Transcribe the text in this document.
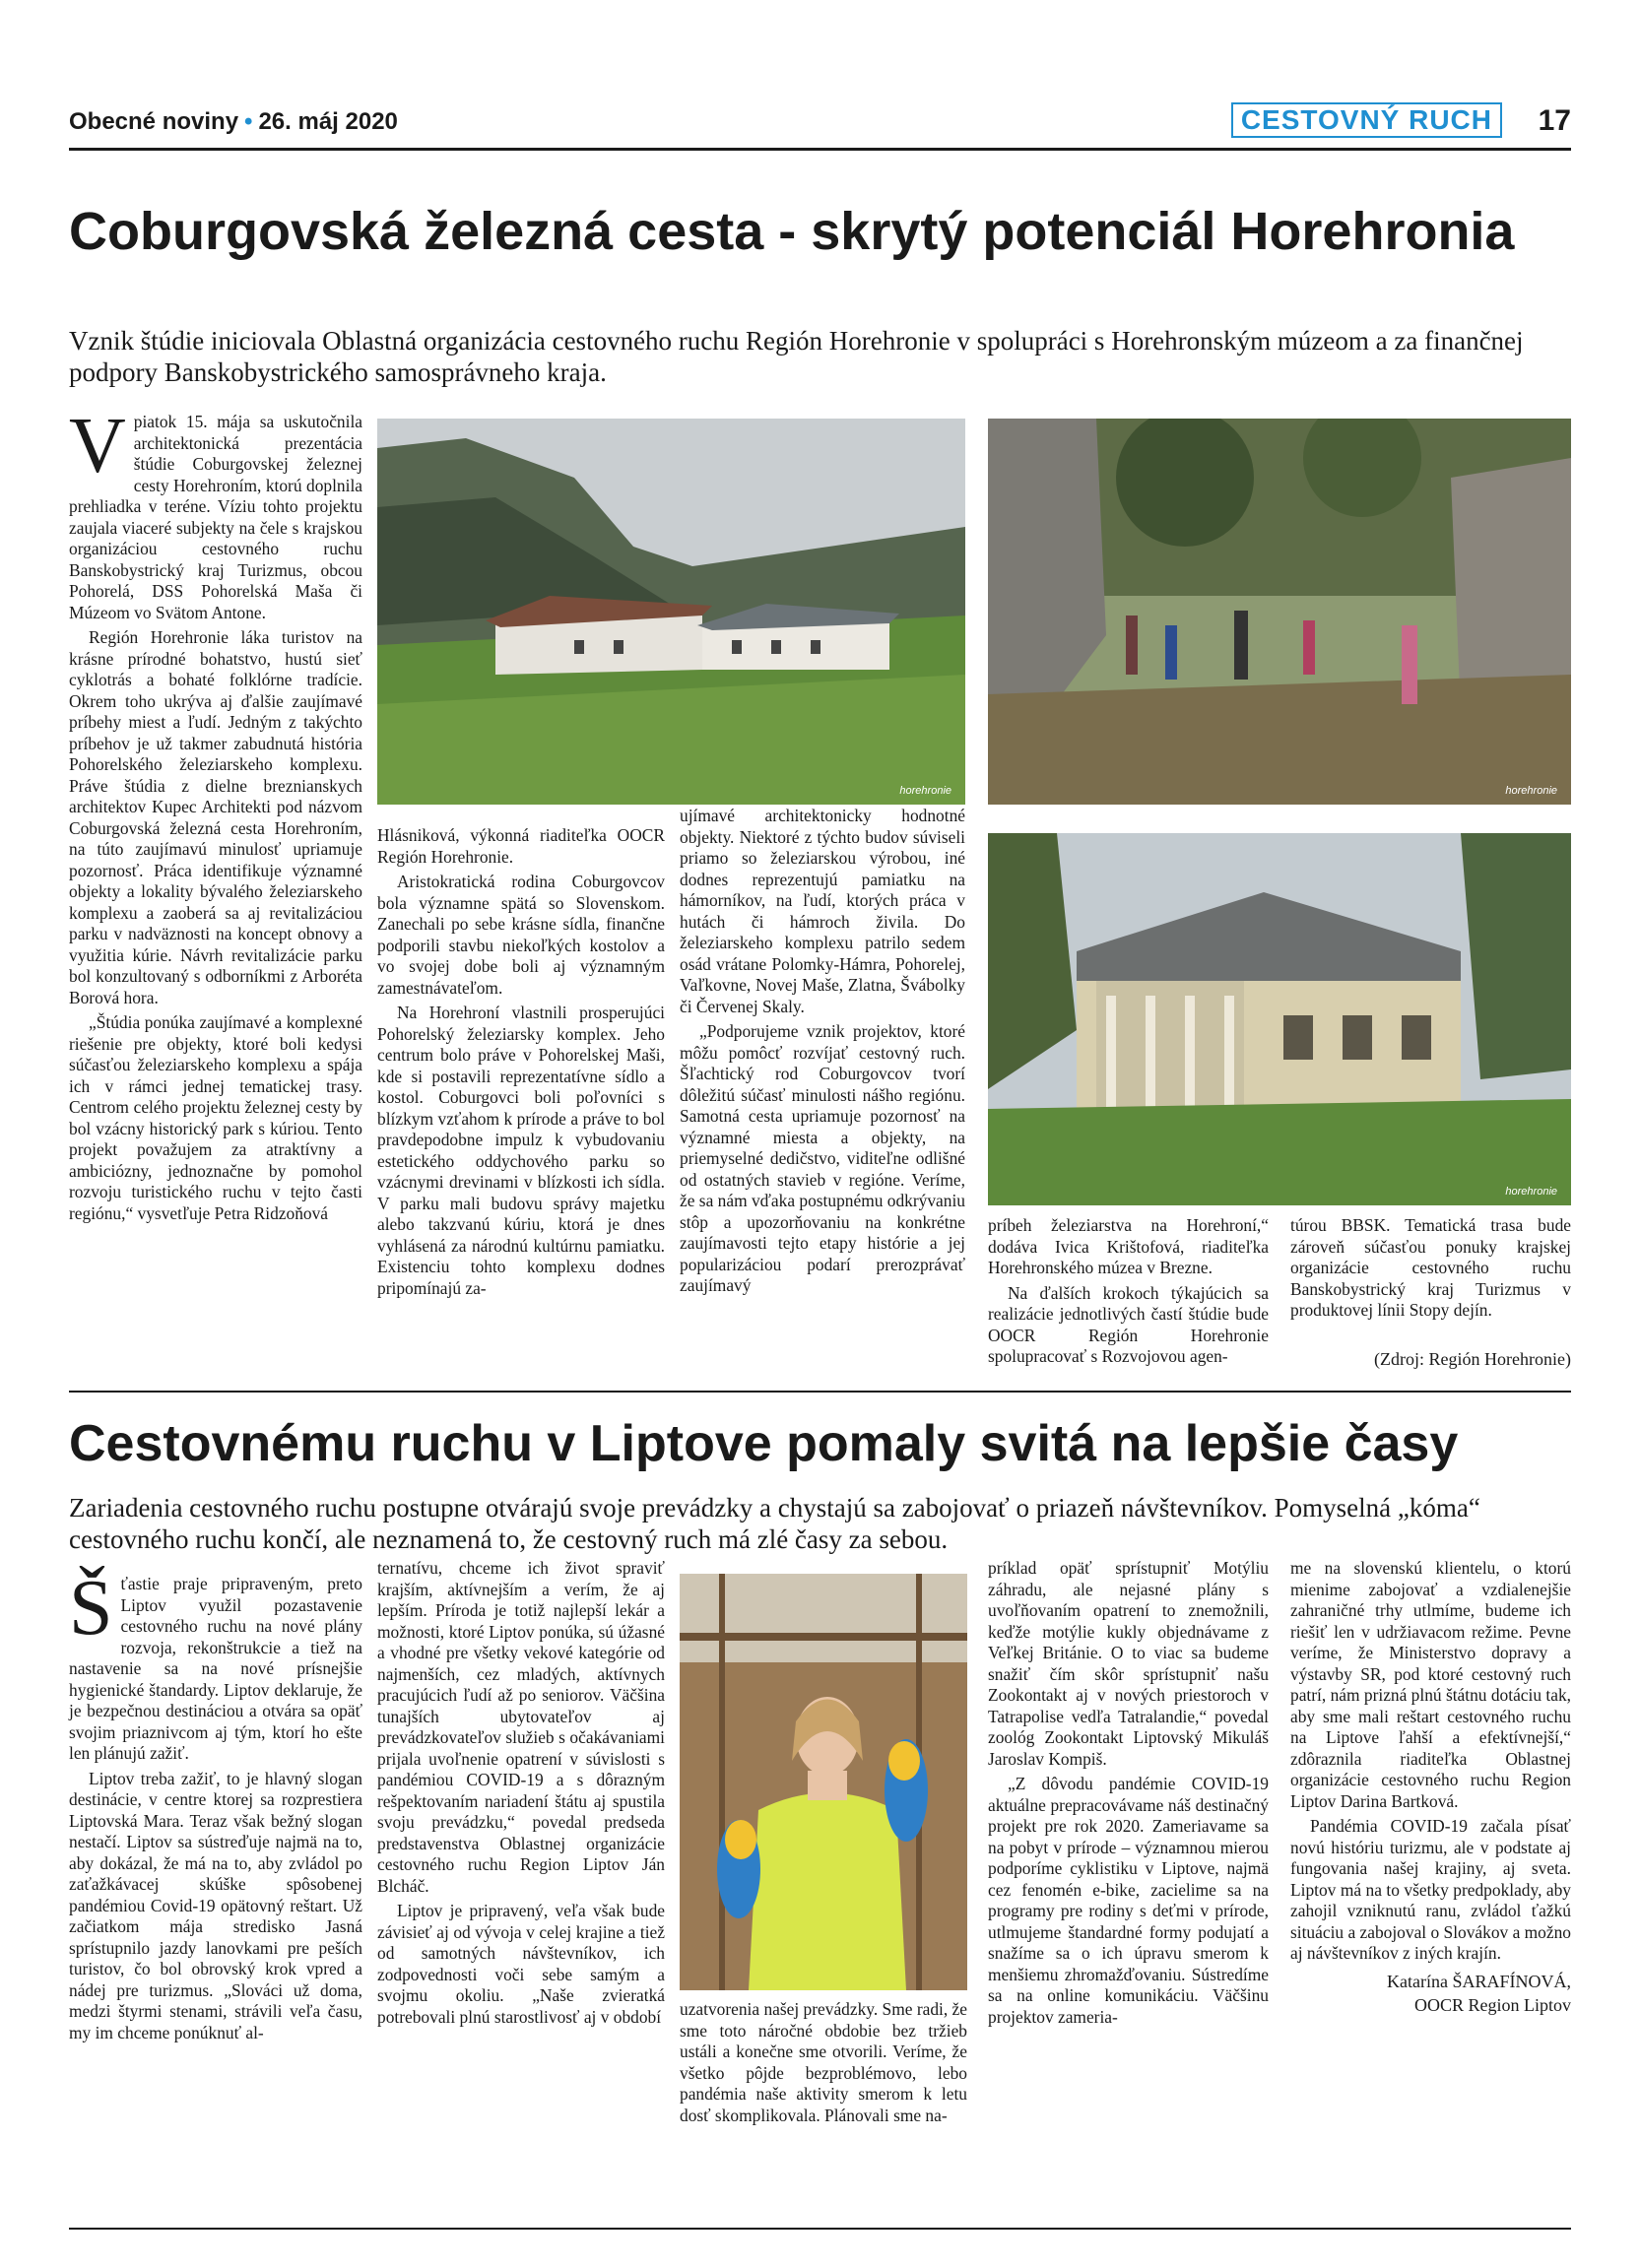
Obecné noviny • 26. máj 2020	CESTOVNÝ RUCH	17
Coburgovská železná cesta - skrytý potenciál Horehronia

Vznik štúdie iniciovala Oblastná organizácia cestovného ruchu Región Horehronie v spolupráci s Horehronským múzeom a za finančnej podpory Banskobystrického samosprávneho kraja.

Vpiatok 15. mája sa uskutočnila architektonická prezentácia štúdie Coburgovskej železnej cesty Horehroním, ktorú doplnila prehliadka v teréne. Víziu tohto projektu zaujala viaceré subjekty na čele s krajskou organizáciou cestovného ruchu Banskobystrický kraj Turizmus, obcou Pohorelá, DSS Pohorelská Maša či Múzeom vo Svätom Antone.

Región Horehronie láka turistov na krásne prírodné bohatstvo, hustú sieť cyklotrás a bohaté folklórne tradície. Okrem toho ukrýva aj ďalšie zaujímavé príbehy miest a ľudí. Jedným z takýchto príbehov je už takmer zabudnutá história Pohorelského železiarskeho komplexu. Práve štúdia z dielne breznianskych architektov Kupec Architekti pod názvom Coburgovská železná cesta Horehroním, na túto zaujímavú minulosť upriamuje pozornosť. Práca identifikuje významné objekty a lokality bývalého železiarskeho komplexu a zaoberá sa aj revitalizáciou parku v nadväznosti na koncept obnovy a využitia kúrie. Návrh revitalizácie parku bol konzultovaný s odborníkmi z Arboréta Borová hora.

„Štúdia ponúka zaujímavé a komplexné riešenie pre objekty, ktoré boli kedysi súčasťou železiarskeho komplexu a spája ich v rámci jednej tematickej trasy. Centrom celého projektu železnej cesty by bol vzácny historický park s kúriou. Tento projekt považujem za atraktívny a ambiciózny, jednoznačne by pomohol rozvoju turistického ruchu v tejto časti regiónu,“ vysvetľuje Petra Ridzoňová

horehronie	horehronie
horehronie

Hlásniková, výkonná riaditeľka OOCR Región Horehronie.

Aristokratická rodina Coburgovcov bola významne spätá so Slovenskom. Zanechali po sebe krásne sídla, finančne podporili stavbu niekoľkých kostolov a vo svojej dobe boli aj významným zamestnávateľom.

Na Horehroní vlastnili prosperujúci Pohorelský železiarsky komplex. Jeho centrum bolo práve v Pohorelskej Maši, kde si postavili reprezentatívne sídlo a kostol. Coburgovci boli poľovníci s blízkym vzťahom k prírode a práve to bol pravdepodobne impulz k vybudovaniu estetického oddychového parku so vzácnymi drevinami v blízkosti ich sídla. V parku mali budovu správy majetku alebo takzvanú kúriu, ktorá je dnes vyhlásená za národnú kultúrnu pamiatku. Existenciu tohto komplexu dodnes pripomínajú za-

ujímavé architektonicky hodnotné objekty. Niektoré z týchto budov súviseli priamo so železiarskou výrobou, iné dodnes reprezentujú pamiatku na hámorníkov, na ľudí, ktorých práca v hutách či hámroch živila. Do železiarskeho komplexu patrilo sedem osád vrátane Polomky-Hámra, Pohorelej, Vaľkovne, Novej Maše, Zlatna, Švábolky či Červenej Skaly.

„Podporujeme vznik projektov, ktoré môžu pomôcť rozvíjať cestovný ruch. Šľachtický rod Coburgovcov tvorí dôležitú súčasť minulosti nášho regiónu. Samotná cesta upriamuje pozornosť na významné miesta a objekty, na priemyselné dedičstvo, viditeľne odlišné od ostatných stavieb v regióne. Veríme, že sa nám vďaka postupnému odkrývaniu stôp a upozorňovaniu na konkrétne zaujímavosti tejto etapy histórie a jej popularizáciou podarí prerozprávať zaujímavý

príbeh železiarstva na Horehroní,“ dodáva Ivica Krištofová, riaditeľka Horehronského múzea v Brezne.

Na ďalších krokoch týkajúcich sa realizácie jednotlivých častí štúdie bude OOCR Región Horehronie spolupracovať s Rozvojovou agen-

túrou BBSK. Tematická trasa bude zároveň súčasťou ponuky krajskej organizácie cestovného ruchu Banskobystrický kraj Turizmus v produktovej línii Stopy dejín.

(Zdroj: Región Horehronie)
Cestovnému ruchu v Liptove pomaly svitá na lepšie časy

Zariadenia cestovného ruchu postupne otvárajú svoje prevádzky a chystajú sa zabojovať o priazeň návštevníkov. Pomyselná „kóma“ cestovného ruchu končí, ale neznamená to, že cestovný ruch má zlé časy za sebou.

Šťastie praje pripraveným, preto Liptov využil pozastavenie cestovného ruchu na nové plány rozvoja, rekonštrukcie a tiež na nastavenie sa na nové prísnejšie hygienické štandardy. Liptov deklaruje, že je bezpečnou destináciou a otvára sa opäť svojim priaznivcom aj tým, ktorí ho ešte len plánujú zažiť.

Liptov treba zažiť, to je hlavný slogan destinácie, v centre ktorej sa rozprestiera Liptovská Mara. Teraz však bežný slogan nestačí. Liptov sa sústreďuje najmä na to, aby dokázal, že má na to, aby zvládol po zaťažkávacej skúške spôsobenej pandémiou Covid-19 opätovný reštart. Už začiatkom mája stredisko Jasná sprístupnilo jazdy lanovkami pre peších turistov, čo bol obrovský krok vpred a nádej pre turizmus. „Slováci už doma, medzi štyrmi stenami, strávili veľa času, my im chceme ponúknuť al-

ternatívu, chceme ich život spraviť krajším, aktívnejším a verím, že aj lepším. Príroda je totiž najlepší lekár a možnosti, ktoré Liptov ponúka, sú úžasné a vhodné pre všetky vekové kategórie od najmenších, cez mladých, aktívnych pracujúcich ľudí až po seniorov. Väčšina tunajších ubytovateľov aj prevádzkovateľov služieb s očakávaniami prijala uvoľnenie opatrení v súvislosti s pandémiou COVID-19 a s dôrazným rešpektovaním nariadení štátu aj spustila svoju prevádzku,“ povedal predseda predstavenstva Oblastnej organizácie cestovného ruchu Region Liptov Ján Blcháč.

Liptov je pripravený, veľa však bude závisieť aj od vývoja v celej krajine a tiež od samotných návštevníkov, ich zodpovednosti voči sebe samým a svojmu okoliu. „Naše zvieratká potrebovali plnú starostlivosť aj v období uzatvorenia našej prevádzky. Sme radi, že sme toto náročné obdobie bez tržieb ustáli a konečne sme otvorili. Veríme, že všetko pôjde bezproblémovo, lebo pandémia naše aktivity smerom k letu dosť skomplikovala. Plánovali sme na-

príklad opäť sprístupniť Motýliu záhradu, ale nejasné plány s uvoľňovaním opatrení to znemožnili, keďže motýlie kukly objednávame z Veľkej Británie. O to viac sa budeme snažiť čím skôr sprístupniť našu Zookontakt aj v nových priestoroch v Tatrapolise vedľa Tatralandie,“ povedal zoológ Zookontakt Liptovský Mikuláš Jaroslav Kompiš.

„Z dôvodu pandémie COVID-19 aktuálne prepracovávame náš destinačný projekt pre rok 2020. Zameriavame sa na pobyt v prírode – významnou mierou podporíme cyklistiku v Liptove, najmä cez fenomén e-bike, zacielime sa na programy pre rodiny s deťmi v prírode, utlmujeme štandardné formy podujatí a snažíme sa o ich úpravu smerom k menšiemu zhromažďovaniu. Sústredíme sa na online komunikáciu. Väčšinu projektov zameria-

me na slovenskú klientelu, o ktorú mienime zabojovať a vzdialenejšie zahraničné trhy utlmíme, budeme ich riešiť len v udržiavacom režime. Pevne veríme, že Ministerstvo dopravy a výstavby SR, pod ktoré cestovný ruch patrí, nám prizná plnú štátnu dotáciu tak, aby sme mali reštart cestovného ruchu na Liptove ľahší a efektívnejší,“ zdôraznila riaditeľka Oblastnej organizácie cestovného ruchu Region Liptov Darina Bartková.

Pandémia COVID-19 začala písať novú históriu turizmu, ale v podstate aj fungovania našej krajiny, aj sveta. Liptov má na to všetky predpoklady, aby zahojil vzniknutú ranu, zvládol ťažkú situáciu a zabojoval o Slovákov a možno aj návštevníkov z iných krajín.

Katarína ŠARAFÍNOVÁ,
OOCR Region Liptov
